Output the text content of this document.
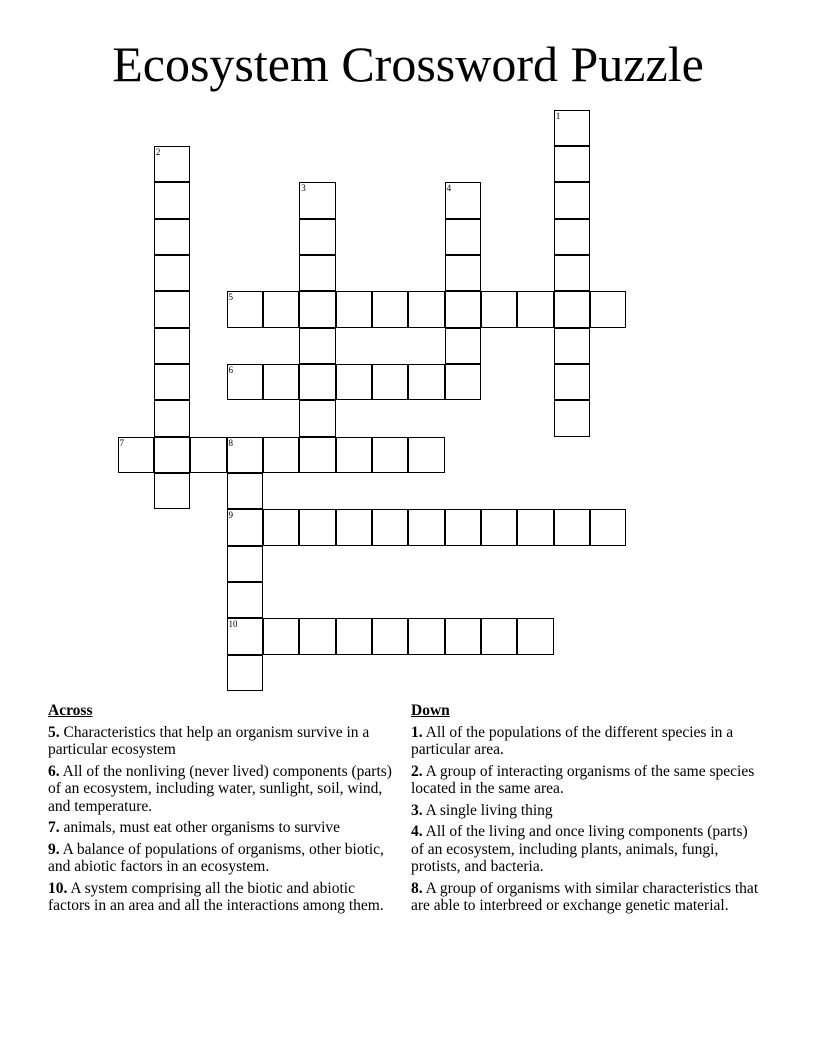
Ecosystem Crossword Puzzle
1
2
3	4
5
6
7	8
9
10
Across
5. Characteristics that help an organism survive in a particular ecosystem
6. All of the nonliving (never lived) components (parts) of an ecosystem, including water, sunlight, soil, wind, and temperature.
7. animals, must eat other organisms to survive
9. A balance of populations of organisms, other biotic, and abiotic factors in an ecosystem.
10. A system comprising all the biotic and abiotic factors in an area and all the interactions among them.
Down
1. All of the populations of the different species in a particular area.
2. A group of interacting organisms of the same species located in the same area.
3. A single living thing
4. All of the living and once living components (parts) of an ecosystem, including plants, animals, fungi, protists, and bacteria.
8. A group of organisms with similar characteristics that are able to interbreed or exchange genetic material.
